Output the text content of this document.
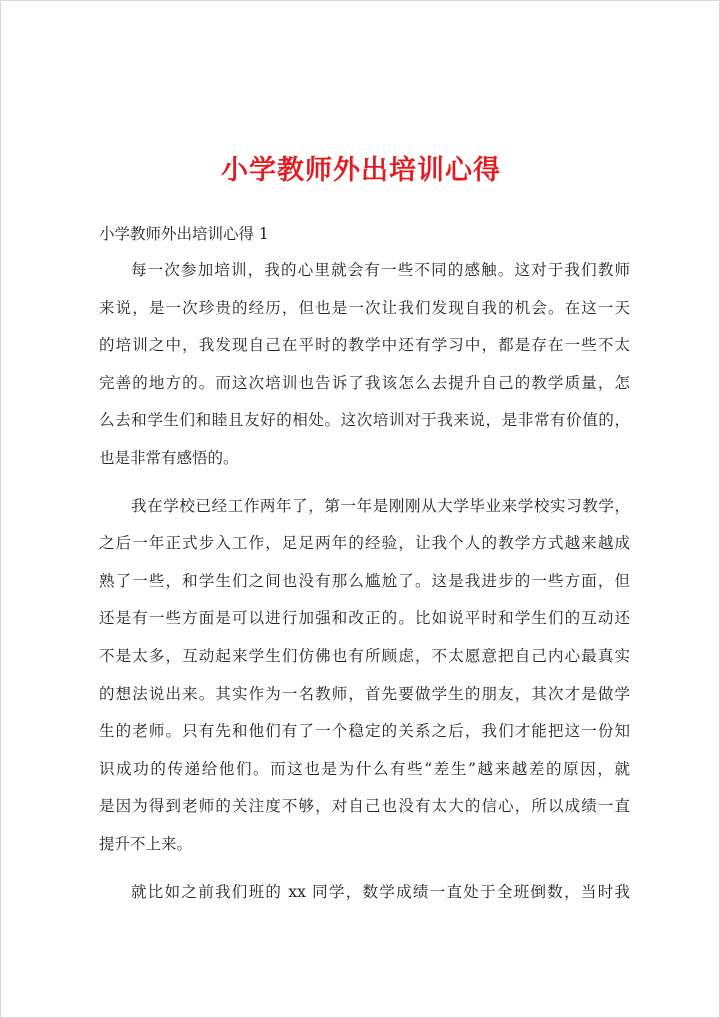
小学教师外出培训心得
小学教师外出培训心得 1
每一次参加培训，我的心里就会有一些不同的感触。这对于我们教师
来说，是一次珍贵的经历，但也是一次让我们发现自我的机会。在这一天
的培训之中，我发现自己在平时的教学中还有学习中，都是存在一些不太
完善的地方的。而这次培训也告诉了我该怎么去提升自己的教学质量，怎
么去和学生们和睦且友好的相处。这次培训对于我来说，是非常有价值的，
也是非常有感悟的。
我在学校已经工作两年了，第一年是刚刚从大学毕业来学校实习教学，
之后一年正式步入工作，足足两年的经验，让我个人的教学方式越来越成
熟了一些，和学生们之间也没有那么尴尬了。这是我进步的一些方面，但
还是有一些方面是可以进行加强和改正的。比如说平时和学生们的互动还
不是太多，互动起来学生们仿佛也有所顾虑，不太愿意把自己内心最真实
的想法说出来。其实作为一名教师，首先要做学生的朋友，其次才是做学
生的老师。只有先和他们有了一个稳定的关系之后，我们才能把这一份知
识成功的传递给他们。而这也是为什么有些“差生”越来越差的原因，就
是因为得到老师的关注度不够，对自己也没有太大的信心，所以成绩一直
提升不上来。
就比如之前我们班的 xx 同学，数学成绩一直处于全班倒数，当时我
